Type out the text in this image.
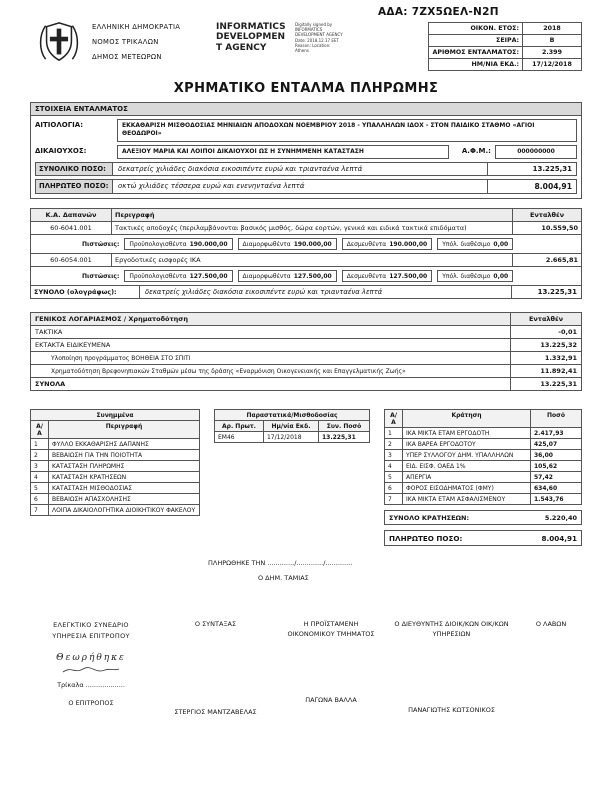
ΑΔΑ: 7ΖΧ5ΩΕΛ-Ν2Π
ΕΛΛΗΝΙΚΗ ΔΗΜΟΚΡΑΤΙΑ
ΝΟΜΟΣ ΤΡΙΚΑΛΩΝ
ΔΗΜΟΣ ΜΕΤΕΩΡΩΝ
INFORMATICS DEVELOPMEN T AGENCY
Digitally signed by INFORMATICS DEVELOPMENT AGENCY Date: 2018.12.17 EET Reason: Location: Athens
ΟΙΚΟΝ. ΕΤΟΣ:	2018
ΣΕΙΡΑ:	Β
ΑΡΙΘΜΟΣ ΕΝΤΑΛΜΑΤΟΣ:	2.399
ΗΜ/ΝΙΑ ΕΚΔ.:	17/12/2018
ΧΡΗΜΑΤΙΚΟ ΕΝΤΑΛΜΑ ΠΛΗΡΩΜΗΣ
ΣΤΟΙΧΕΙΑ ΕΝΤΑΛΜΑΤΟΣ
ΑΙΤΙΟΛΟΓΙΑ:	ΕΚΚΑΘΑΡΙΣΗ ΜΙΣΘΟΔΟΣΙΑΣ ΜΗΝΙΑΙΩΝ ΑΠΟΔΟΧΩΝ ΝΟΕΜΒΡΙΟΥ 2018 - ΥΠΑΛΛΗΛΩΝ ΙΔΟΧ - ΣΤΟΝ ΠΑΙΔΙΚΟ ΣΤΑΘΜΟ «ΑΓΙΟΙ ΘΕΟΔΩΡΟΙ»
ΔΙΚΑΙΟΥΧΟΣ:	ΑΛΕΞΙΟΥ ΜΑΡΙΑ ΚΑΙ ΛΟΙΠΟΙ ΔΙΚΑΙΟΥΧΟΙ ΩΣ Η ΣΥΝΗΜΜΕΝΗ ΚΑΤΑΣΤΑΣΗ	Α.Φ.Μ.:	000000000
ΣΥΝΟΛΙΚΟ ΠΟΣΟ:	δεκατρείς χιλιάδες διακόσια εικοσιπέντε ευρώ και τριανταένα λεπτά	13.225,31
ΠΛΗΡΩΤΕΟ ΠΟΣΟ:	οκτώ χιλιάδες τέσσερα ευρώ και ενενηνταένα λεπτά	8.004,91
Κ.Α. Δαπανών	Περιγραφή	Ενταλθέν
60-6041.001	Τακτικές αποδοχές (περιλαμβάνονται βασικός μισθός, δώρα εορτών, γενικά και ειδικά τακτικά επιδόματα)	10.559,50

Πιστώσεις: Προϋπολογισθέντα 190.000,00 Διαμορφωθέντα 190.000,00 Δεσμευθέντα 190.000,00 Υπόλ. διαθέσιμο 0,00		

60-6054.001	Εργοδοτικές εισφορές ΙΚΑ	2.665,81

Πιστώσεις: Προϋπολογισθέντα 127.500,00 Διαμορφωθέντα 127.500,00 Δεσμευθέντα 127.500,00 Υπόλ. διαθέσιμο 0,00		
ΣΥΝΟΛΟ (ολογράφως):	δεκατρείς χιλιάδες διακόσια εικοσιπέντε ευρώ και τριανταένα λεπτά	13.225,31
ΓΕΝΙΚΟΣ ΛΟΓΑΡΙΑΣΜΟΣ / Χρηματοδότηση	Ενταλθέν
ΤΑΚΤΙΚΑ	-0,01
ΕΚΤΑΚΤΑ ΕΙΔΙΚΕΥΜΕΝΑ	13.225,32
Υλοποίηση προγράμματος ΒΟΗΘΕΙΑ ΣΤΟ ΣΠΙΤΙ	1.332,91
Χρηματοδότηση Βρεφονηπιακών Σταθμών μέσω της δράσης «Εναρμόνιση Οικογενειακής και Επαγγελματικής Ζωής»	11.892,41
ΣΥΝΟΛΑ	13.225,31
Συνημμένα	
Α/Α	Περιγραφή
1	ΦΥΛΛΟ ΕΚΚΑΘΑΡΙΣΗΣ ΔΑΠΑΝΗΣ
2	ΒΕΒΑΙΩΣΗ ΓΙΑ ΤΗΝ ΠΟΙΟΤΗΤΑ
3	ΚΑΤΑΣΤΑΣΗ ΠΛΗΡΩΜΗΣ
4	ΚΑΤΑΣΤΑΣΗ ΚΡΑΤΗΣΕΩΝ
5	ΚΑΤΑΣΤΑΣΗ ΜΙΣΘΟΔΟΣΙΑΣ
6	ΒΕΒΑΙΩΣΗ ΑΠΑΣΧΟΛΗΣΗΣ
7	ΛΟΙΠΑ ΔΙΚΑΙΟΛΟΓΗΤΙΚΑ ΔΙΟΙΚΗΤΙΚΟΥ ΦΑΚΕΛΟΥ
Παραστατικά/Μισθοδοσίας		
Αρ. Πρωτ.	Ημ/νία Εκδ.	Συν. Ποσό
ΕΜ46	17/12/2018	13.225,31
Α/Α	Κράτηση	Ποσό
1	ΙΚΑ ΜΙΚΤΑ ΕΤΑΜ ΕΡΓΟΔΟΤΗ	2.417,93
2	ΙΚΑ ΒΑΡΕΑ ΕΡΓΟΔΟΤΟΥ	425,07
3	ΥΠΕΡ ΣΥΛΛΟΓΟΥ ΔΗΜ. ΥΠΑΛΛΗΛΩΝ	36,00
4	ΕΙΔ. ΕΙΣΦ. ΟΑΕΔ 1%	105,62
5	ΑΠΕΡΓΙΑ	57,42
6	ΦΟΡΟΣ ΕΙΣΟΔΗΜΑΤΟΣ (ΦΜΥ)	634,60
7	ΙΚΑ ΜΙΚΤΑ ΕΤΑΜ ΑΣΦΑΛΙΣΜΕΝΟΥ	1.543,76
ΣΥΝΟΛΟ ΚΡΑΤΗΣΕΩΝ:	5.220,40
ΠΛΗΡΩΤΕΟ ΠΟΣΟ:	8.004,91
ΠΛΗΡΩΘΗΚΕ ΤΗΝ ............./............./.............
Ο ΔΗΜ. ΤΑΜΙΑΣ
ΕΛΕΓΚΤΙΚΟ ΣΥΝΕΔΡΙΟ
ΥΠΗΡΕΣΙΑ ΕΠΙΤΡΟΠΟΥ
Θεωρήθηκε
Τρίκαλα ...................
Ο ΕΠΙΤΡΟΠΟΣ
Ο ΣΥΝΤΑΞΑΣ
ΣΤΕΡΓΙΟΣ ΜΑΝΤΖΑΒΕΛΑΣ
Η ΠΡΟΪΣΤΑΜΕΝΗ ΟΙΚΟΝΟΜΙΚΟΥ ΤΜΗΜΑΤΟΣ
ΠΑΓΩΝΑ ΒΑΛΛΑ
Ο ΔΙΕΥΘΥΝΤΗΣ ΔΙΟΙΚ/ΚΩΝ ΟΙΚ/ΚΩΝ ΥΠΗΡΕΣΙΩΝ
ΠΑΝΑΓΙΩΤΗΣ ΚΩΤΣΟΝΙΚΟΣ
Ο ΛΑΒΩΝ
